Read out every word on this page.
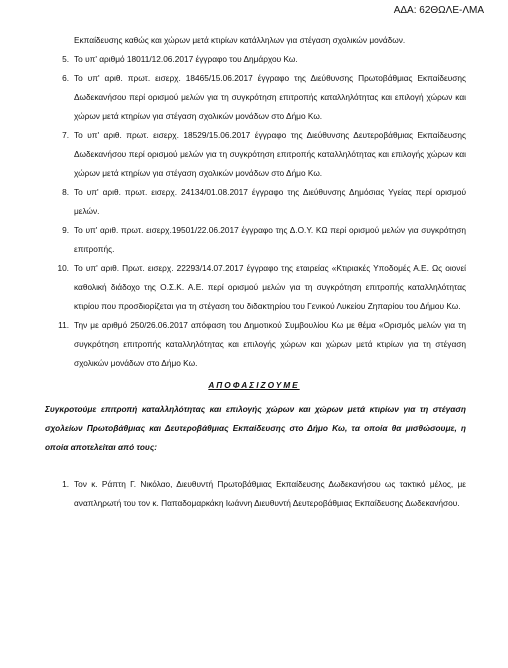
ΑΔΑ: 62ΘΩΛΕ-ΛΜΑ
Εκπαίδευσης καθώς και χώρων μετά κτιρίων κατάλληλων για στέγαση σχολικών μονάδων.
5. Το υπ' αριθμό 18011/12.06.2017 έγγραφο του Δημάρχου Κω.
6. Το υπ' αριθ. πρωτ. εισερχ. 18465/15.06.2017 έγγραφο της Διεύθυνσης Πρωτοβάθμιας Εκπαίδευσης Δωδεκανήσου περί ορισμού μελών για τη συγκρότηση επιτροπής καταλληλότητας και επιλογή χώρων και χώρων μετά κτηρίων για στέγαση σχολικών μονάδων στο Δήμο Κω.
7. Το υπ' αριθ. πρωτ. εισερχ. 18529/15.06.2017 έγγραφο της Διεύθυνσης Δευτεροβάθμιας Εκπαίδευσης Δωδεκανήσου περί ορισμού μελών για τη συγκρότηση επιτροπής καταλληλότητας και επιλογής χώρων και χώρων μετά κτηρίων για στέγαση σχολικών μονάδων στο Δήμο Κω.
8. Το υπ' αριθ. πρωτ. εισερχ. 24134/01.08.2017 έγγραφο της Διεύθυνσης Δημόσιας Υγείας περί ορισμού μελών.
9. Το υπ' αριθ. πρωτ. εισερχ.19501/22.06.2017 έγγραφο της Δ.Ο.Υ. ΚΩ περί ορισμού μελών για συγκρότηση επιτροπής.
10. Το υπ' αριθ. Πρωτ. εισερχ. 22293/14.07.2017 έγγραφο της εταιρείας «Κτιριακές Υποδομές Α.Ε. Ως οιονεί καθολική διάδοχο της Ο.Σ.Κ. Α.Ε. περί ορισμού μελών για τη συγκρότηση επιτροπής καταλληλότητας κτιρίου που προσδιορίζεται για τη στέγαση του διδακτηρίου του Γενικού Λυκείου Ζηπαρίου του Δήμου Κω.
11. Την με αριθμό 250/26.06.2017 απόφαση του Δημοτικού Συμβουλίου Κω με θέμα «Ορισμός μελών για τη συγκρότηση επιτροπής καταλληλότητας και επιλογής χώρων και χώρων μετά κτιρίων για τη στέγαση σχολικών μονάδων στο Δήμο Κω.
ΑΠΟΦΑΣΙΖΟΥΜΕ
Συγκροτούμε επιτροπή καταλληλότητας και επιλογής χώρων και χώρων μετά κτιρίων για τη στέγαση σχολείων Πρωτοβάθμιας και Δευτεροβάθμιας Εκπαίδευσης στο Δήμο Κω, τα οποία θα μισθώσουμε, η οποία αποτελείται από τους:
1. Τον κ. Ράπτη Γ. Νικόλαο, Διευθυντή Πρωτοβάθμιας Εκπαίδευσης Δωδεκανήσου ως τακτικό μέλος, με αναπληρωτή του τον κ. Παπαδομαρκάκη Ιωάννη Διευθυντή Δευτεροβάθμιας Εκπαίδευσης Δωδεκανήσου.
